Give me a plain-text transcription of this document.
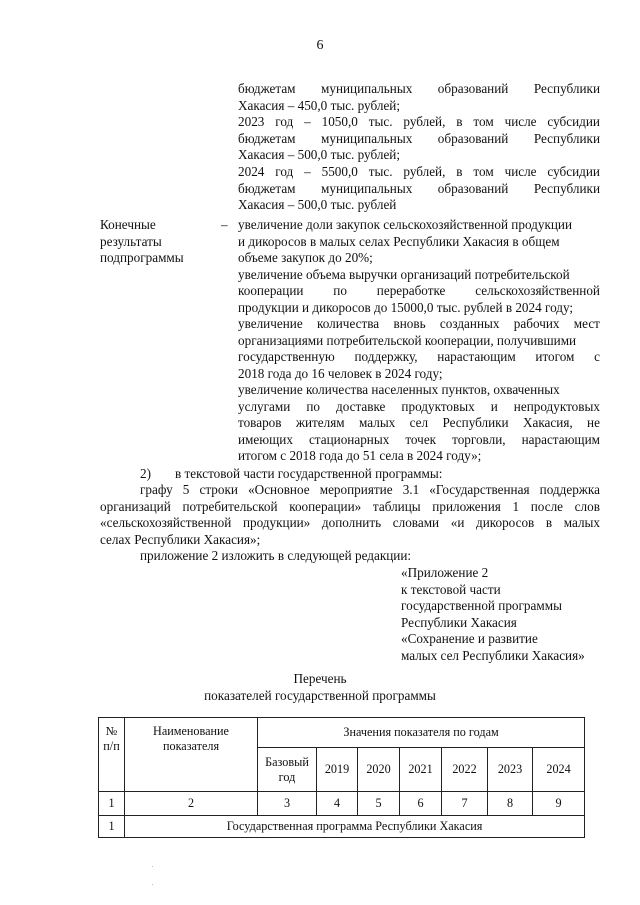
6
бюджетам муниципальных образований Республики
Хакасия – 450,0 тыс. рублей;
2023 год – 1050,0 тыс. рублей, в том числе субсидии
бюджетам муниципальных образований Республики
Хакасия – 500,0 тыс. рублей;
2024 год – 5500,0 тыс. рублей, в том числе субсидии
бюджетам муниципальных образований Республики
Хакасия – 500,0 тыс. рублей
Конечные
результаты
подпрограммы
– увеличение доли закупок сельскохозяйственной продукции
и дикоросов в малых селах Республики Хакасия в общем
объеме закупок до 20%;
увеличение объема выручки организаций потребительской
кооперации по переработке сельскохозяйственной
продукции и дикоросов до 15000,0 тыс. рублей в 2024 году;
увеличение количества вновь созданных рабочих мест
организациями потребительской кооперации, получившими
государственную поддержку, нарастающим итогом с
2018 года до 16 человек в 2024 году;
увеличение количества населенных пунктов, охваченных
услугами по доставке продуктовых и непродуктовых
товаров жителям малых сел Республики Хакасия, не
имеющих стационарных точек торговли, нарастающим
итогом с 2018 года до 51 села в 2024 году»;
2) в текстовой части государственной программы:
графу 5 строки «Основное мероприятие 3.1 «Государственная поддержка
организаций потребительской кооперации» таблицы приложения 1 после слов
«сельскохозяйственной продукции» дополнить словами «и дикоросов в малых
селах Республики Хакасия»;
приложение 2 изложить в следующей редакции:
«Приложение 2
к текстовой части
государственной программы
Республики Хакасия
«Сохранение и развитие
малых сел Республики Хакасия»
Перечень
показателей государственной программы
№
п/п	Наименование
показателя	Значения показателя по годам						
		Базовый
год	2019	2020	2021	2022	2023	2024
1	2	3	4	5	6	7	8	9
1	Государственная программа Республики Хакасия							
